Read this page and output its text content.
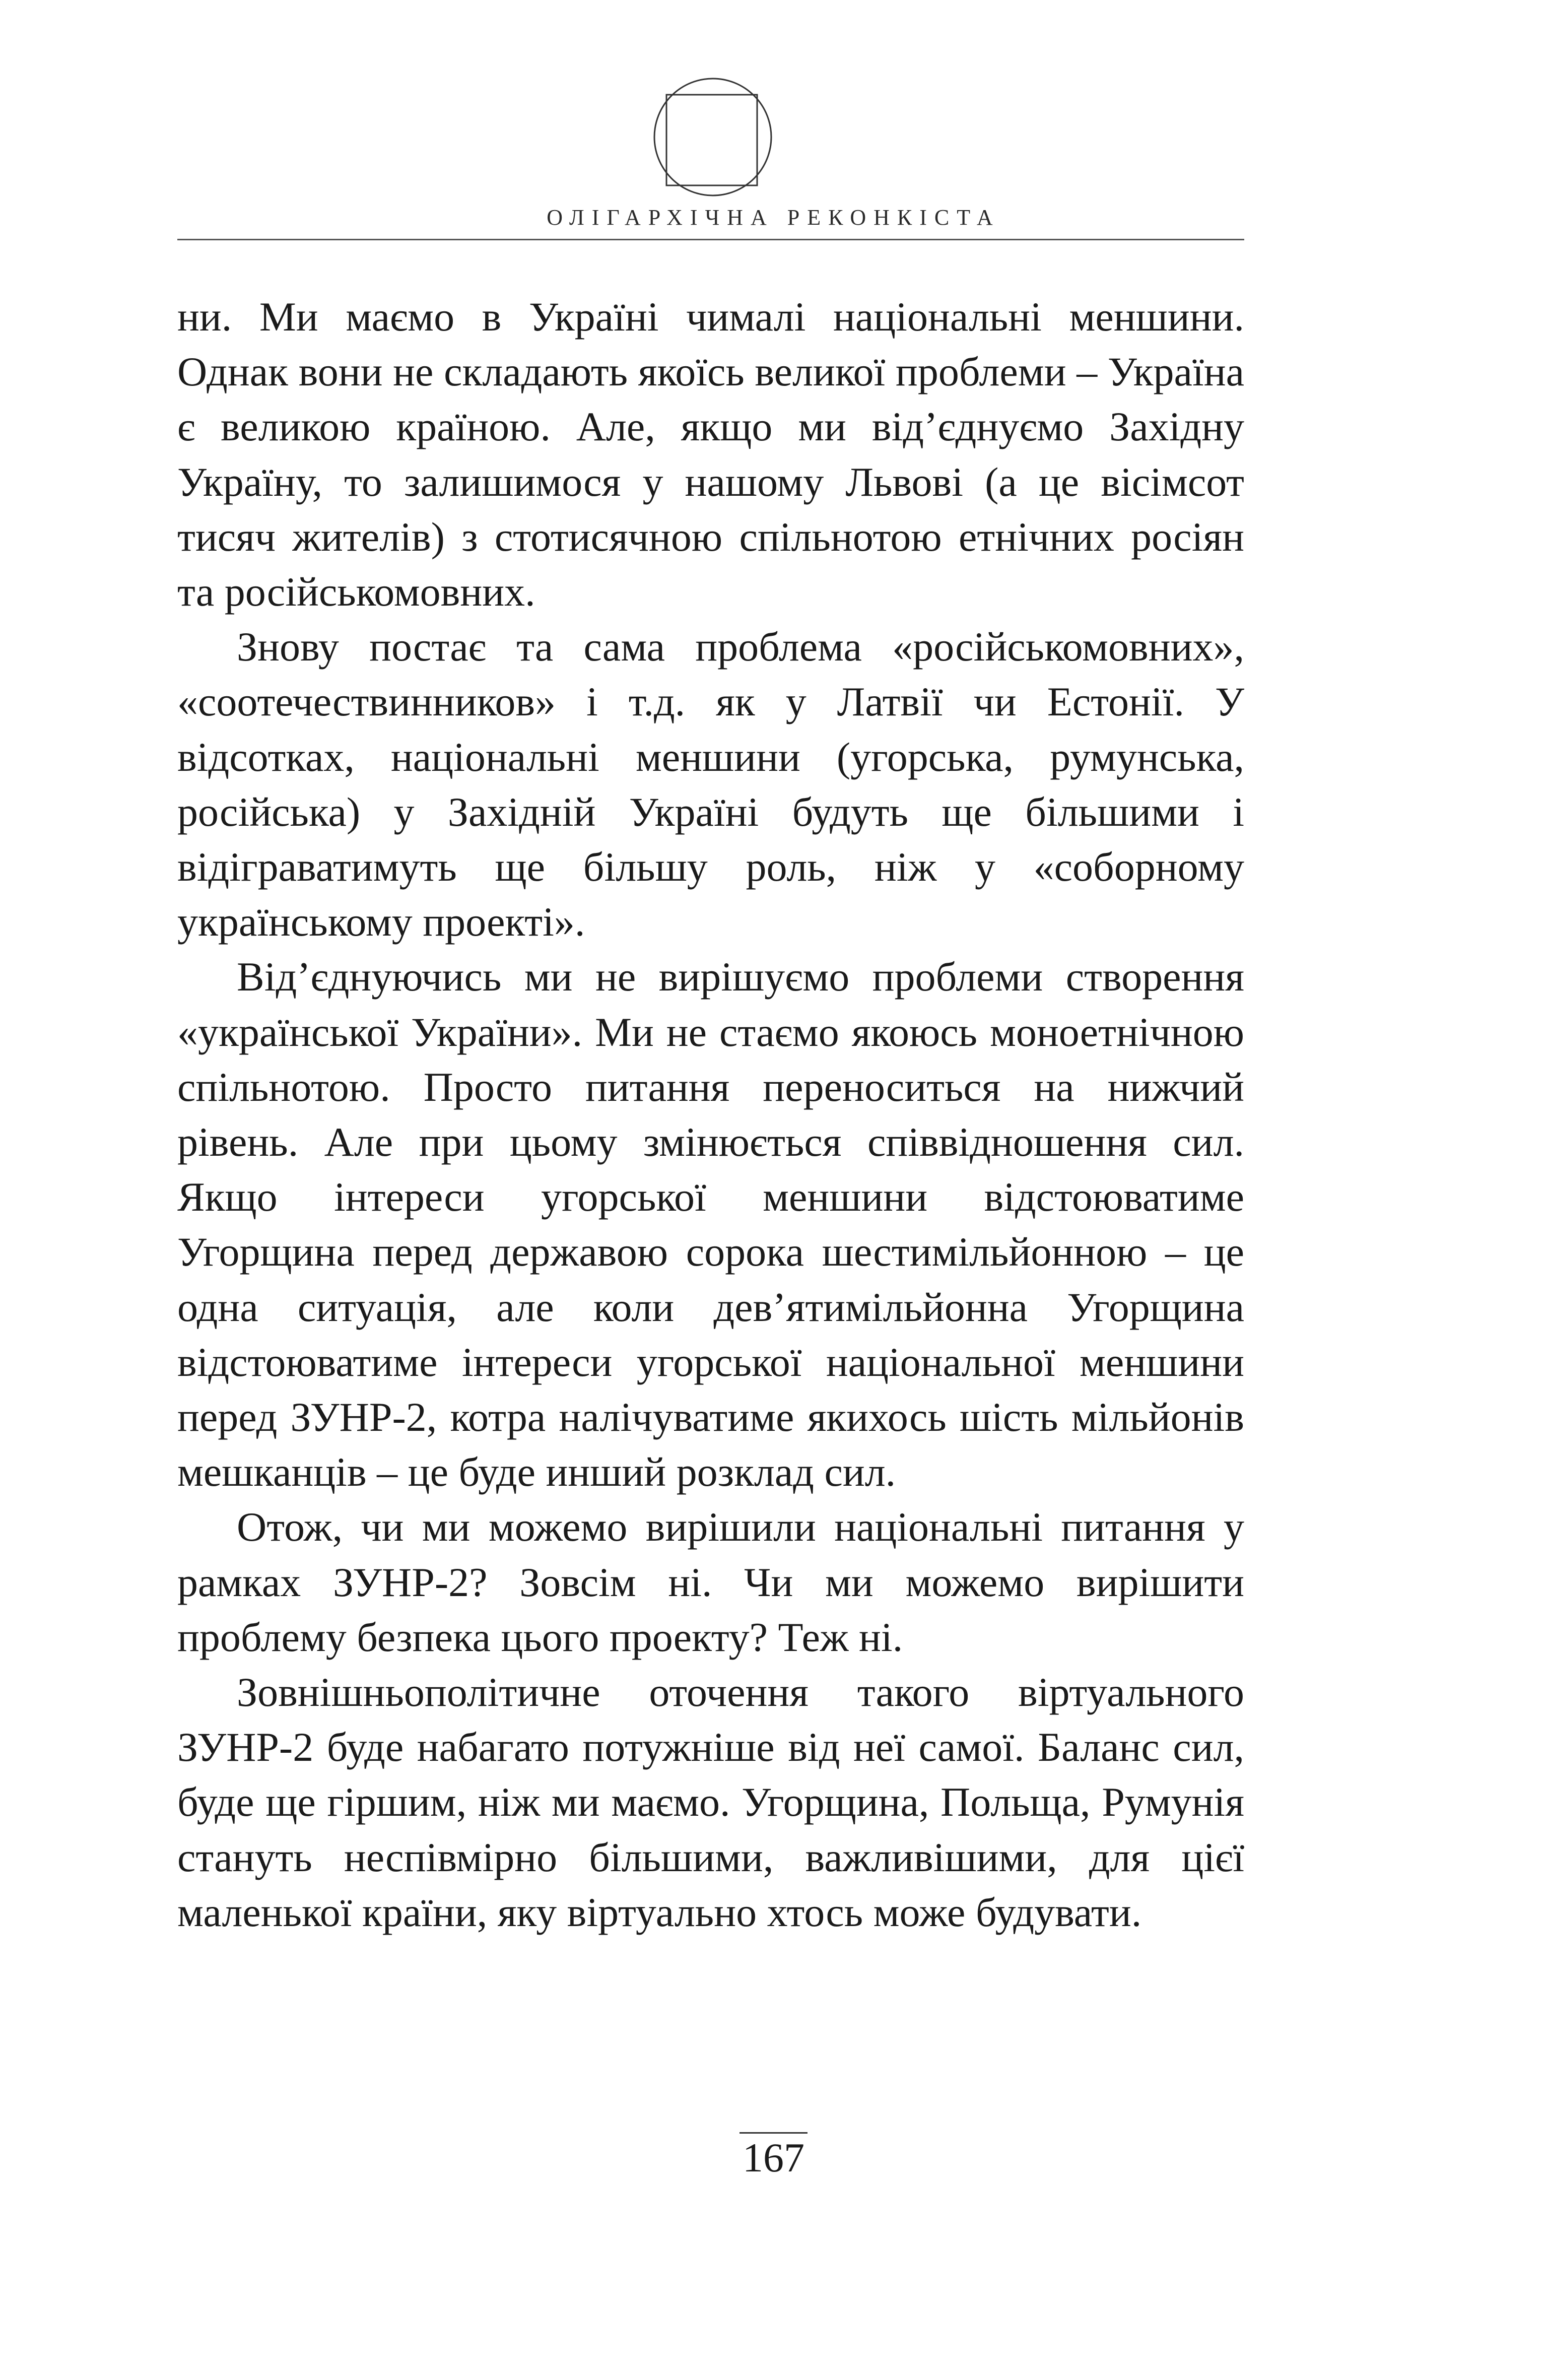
ОЛІГАРХІЧНА РЕКОНКІСТА

ни. Ми маємо в Україні чималі національні меншини. Однак вони не складають якоїсь великої проблеми – Україна є великою країною. Але, якщо ми від’єднуємо Західну Україну, то залишимося у нашому Львові (а це вісімсот тисяч жителів) з стотисячною спільнотою етнічних росіян та російськомовних.

Знову постає та сама проблема «російськомовних», «соотечествинников» і т.д. як у Латвії чи Естонії. У відсотках, національні меншини (угорська, румунська, російська) у Західній Україні будуть ще більшими і відіграватимуть ще більшу роль, ніж у «соборному українському проекті».

Від’єднуючись ми не вирішуємо проблеми створення «української України». Ми не стаємо якоюсь моноетнічною спільнотою. Просто питання переноситься на нижчий рівень. Але при цьому змінюється співвідношення сил. Якщо інтереси угорської меншини відстоюватиме Угорщина перед державою сорока шестимільйонною – це одна ситуація, але коли дев’ятимільйонна Угорщина відстоюватиме інтереси угорської національної меншини перед ЗУНР-2, котра налічуватиме якихось шість мільйонів мешканців – це буде инший розклад сил.

Отож, чи ми можемо вирішили національні питання у рамках ЗУНР-2? Зовсім ні. Чи ми можемо вирішити проблему безпека цього проекту? Теж ні.

Зовнішньополітичне оточення такого віртуального ЗУНР-2 буде набагато потужніше від неї самої. Баланс сил, буде ще гіршим, ніж ми маємо. Угорщина, Польща, Румунія стануть неспівмірно більшими, важливішими, для цієї маленької країни, яку віртуально хтось може будувати.

167
